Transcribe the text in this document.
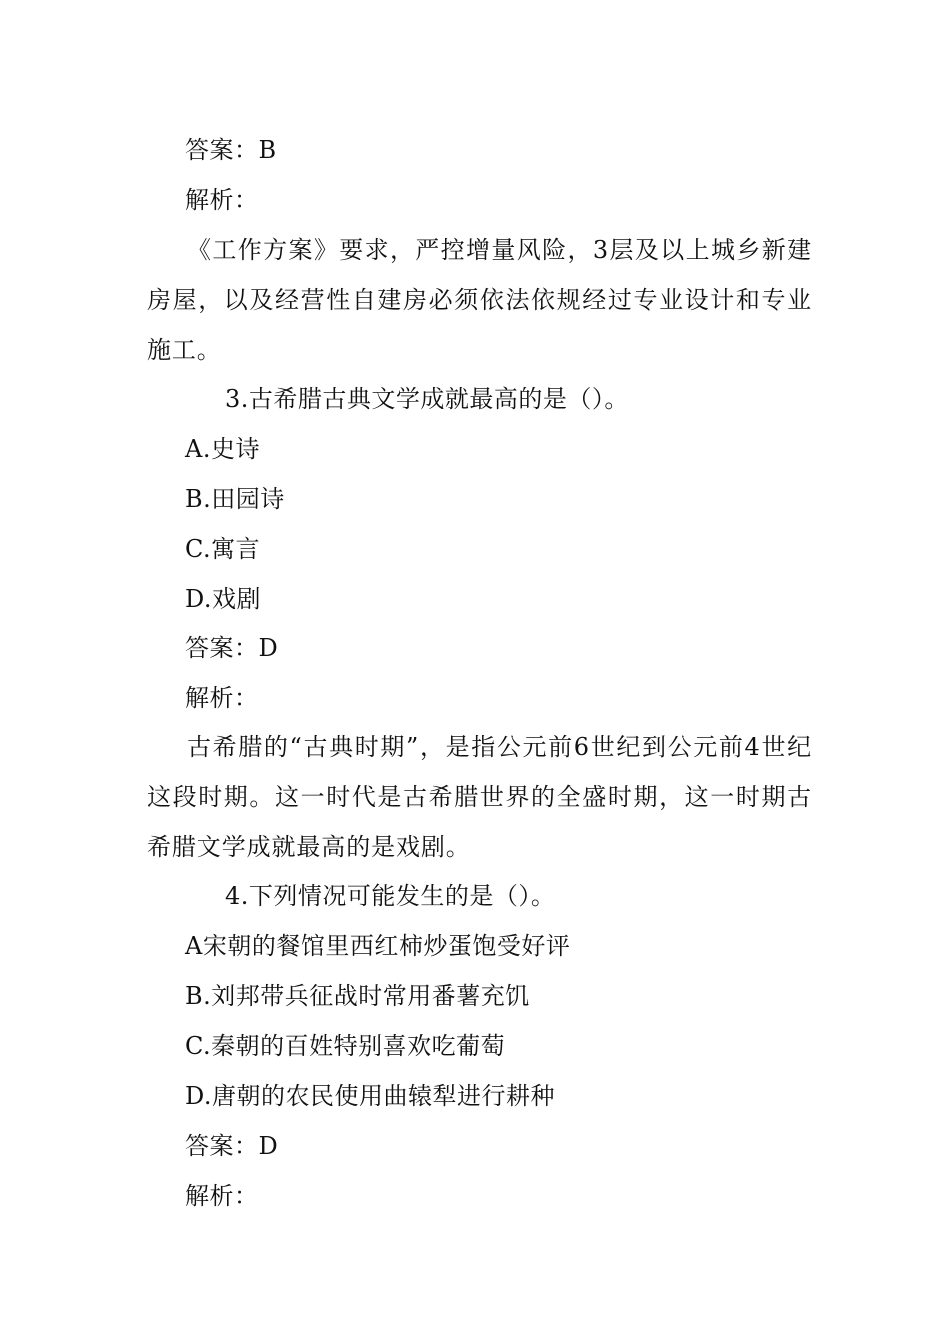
答案：B
解析：
《工作方案》要求，严控增量风险，3层及以上城乡新建房屋，以及经营性自建房必须依法依规经过专业设计和专业施工。
3.古希腊古典文学成就最高的是（）。
A.史诗
B.田园诗
C.寓言
D.戏剧
答案：D
解析：
古希腊的“古典时期”，是指公元前6世纪到公元前4世纪这段时期。这一时代是古希腊世界的全盛时期，这一时期古希腊文学成就最高的是戏剧。
4.下列情况可能发生的是（）。
A宋朝的餐馆里西红柿炒蛋饱受好评
B.刘邦带兵征战时常用番薯充饥
C.秦朝的百姓特别喜欢吃葡萄
D.唐朝的农民使用曲辕犁进行耕种
答案：D
解析：
